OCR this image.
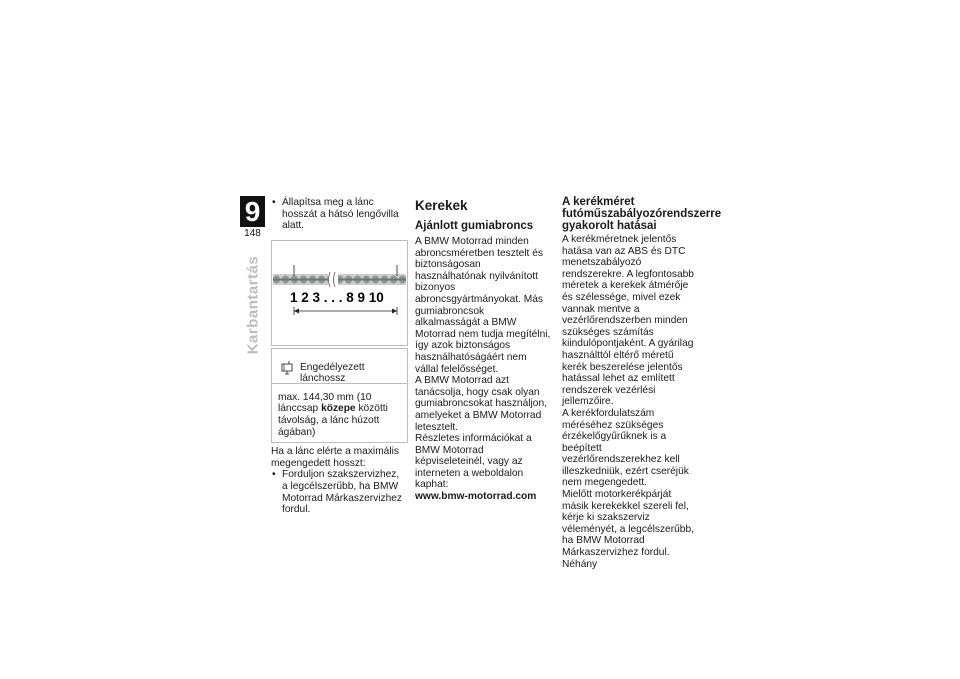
9
148
Karbantartás

• Állapítsa meg a lánc hosszát a hátsó lengővilla alatt.

1 2 3 . . . 8 9 10
Engedélyezett lánchossz
max. 144,30 mm (10 lánccsap közepe közötti távolság, a lánc húzott ágában)

Ha a lánc elérte a maximális megengedett hosszt:

• Forduljon szakszervizhez, a legcélszerűbb, ha BMW Motorrad Márkaszervizhez fordul.

Kerekek
Ajánlott gumiabroncs

A BMW Motorrad minden abroncsméretben tesztelt és biztonságosan használhatónak nyilvánított bizonyos abroncsgyártmányokat. Más gumiabroncsok alkalmasságát a BMW Motorrad nem tudja megítélni, így azok biztonságos használhatóságáért nem vállal felelősséget.

A BMW Motorrad azt tanácsolja, hogy csak olyan gumiabroncsokat használjon, amelyeket a BMW Motorrad letesztelt.

Részletes információkat a BMW Motorrad képviseleteinél, vagy az interneten a weboldalon kaphat:

www.bmw-motorrad.com

A kerékméret futóműszabályozórendszerre gyakorolt hatásai

A kerékméretnek jelentős hatása van az ABS és DTC menetszabályozó rendszerekre. A legfontosabb méretek a kerekek átmérője és szélessége, mivel ezek vannak mentve a vezérlőrendszerben minden szükséges számítás kiindulópontjaként. A gyárilag használttól eltérő méretű kerék beszerelése jelentős hatással lehet az említett rendszerek vezérlési jellemzőire.

A kerékfordulatszám méréséhez szükséges érzékelőgyűrűknek is a beépített vezérlőrendszerekhez kell illeszkedniük, ezért cseréjük nem megengedett.

Mielőtt motorkerékpárját másik kerekekkel szereli fel, kérje ki szakszerviz véleményét, a legcélszerűbb, ha BMW Motorrad Márkaszervizhez fordul. Néhány
